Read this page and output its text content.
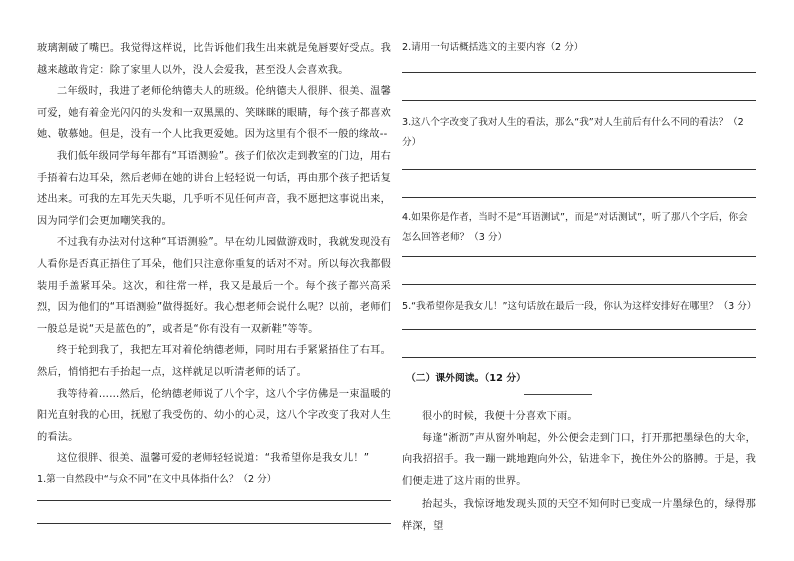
玻璃割破了嘴巴。我觉得这样说，比告诉他们我生出来就是兔唇要好受点。我越来越敢肯定：除了家里人以外，没人会爱我，甚至没人会喜欢我。

二年级时，我进了老师伦纳德夫人的班级。伦纳德夫人很胖、很美、温馨可爱，她有着金光闪闪的头发和一双黑黑的、笑眯眯的眼睛，每个孩子都喜欢她、敬慕她。但是，没有一个人比我更爱她。因为这里有个很不一般的缘故--

我们低年级同学每年都有“耳语测验”。孩子们依次走到教室的门边，用右手捂着右边耳朵，然后老师在她的讲台上轻轻说一句话，再由那个孩子把话复述出来。可我的左耳先天失聪，几乎听不见任何声音，我不愿把这事说出来，因为同学们会更加嘲笑我的。

不过我有办法对付这种“耳语测验”。早在幼儿园做游戏时，我就发现没有人看你是否真正捂住了耳朵，他们只注意你重复的话对不对。所以每次我都假装用手盖紧耳朵。这次，和往常一样，我又是最后一个。每个孩子都兴高采烈，因为他们的“耳语测验”做得挺好。我心想老师会说什么呢？以前，老师们一般总是说“天是蓝色的”，或者是“你有没有一双新鞋”等等。

终于轮到我了，我把左耳对着伦纳德老师，同时用右手紧紧捂住了右耳。然后，悄悄把右手抬起一点，这样就足以听清老师的话了。

我等待着……然后，伦纳德老师说了八个字，这八个字仿佛是一束温暖的阳光直射我的心田，抚慰了我受伤的、幼小的心灵，这八个字改变了我对人生的看法。

这位很胖、很美、温馨可爱的老师轻轻说道：“我希望你是我女儿！”

1.第一自然段中“与众不同”在文中具体指什么？（2 分）

2.请用一句话概括选文的主要内容（2 分）

3.这八个字改变了我对人生的看法，那么“我”对人生前后有什么不同的看法？（2 分）

4.如果你是作者，当时不是“耳语测试”，而是“对话测试”，听了那八个字后，你会怎么回答老师？（3 分）

5.“我希望你是我女儿！”这句话放在最后一段，你认为这样安排好在哪里？（3 分）

（二）课外阅读。（12 分）

很小的时候，我便十分喜欢下雨。

每逢“淅沥”声从窗外响起，外公便会走到门口，打开那把墨绿色的大伞，向我招招手。我一蹦一跳地跑向外公，钻进伞下，挽住外公的胳膊。于是，我们便走进了这片雨的世界。

抬起头，我惊讶地发现头顶的天空不知何时已变成一片墨绿色的，绿得那样深，望
